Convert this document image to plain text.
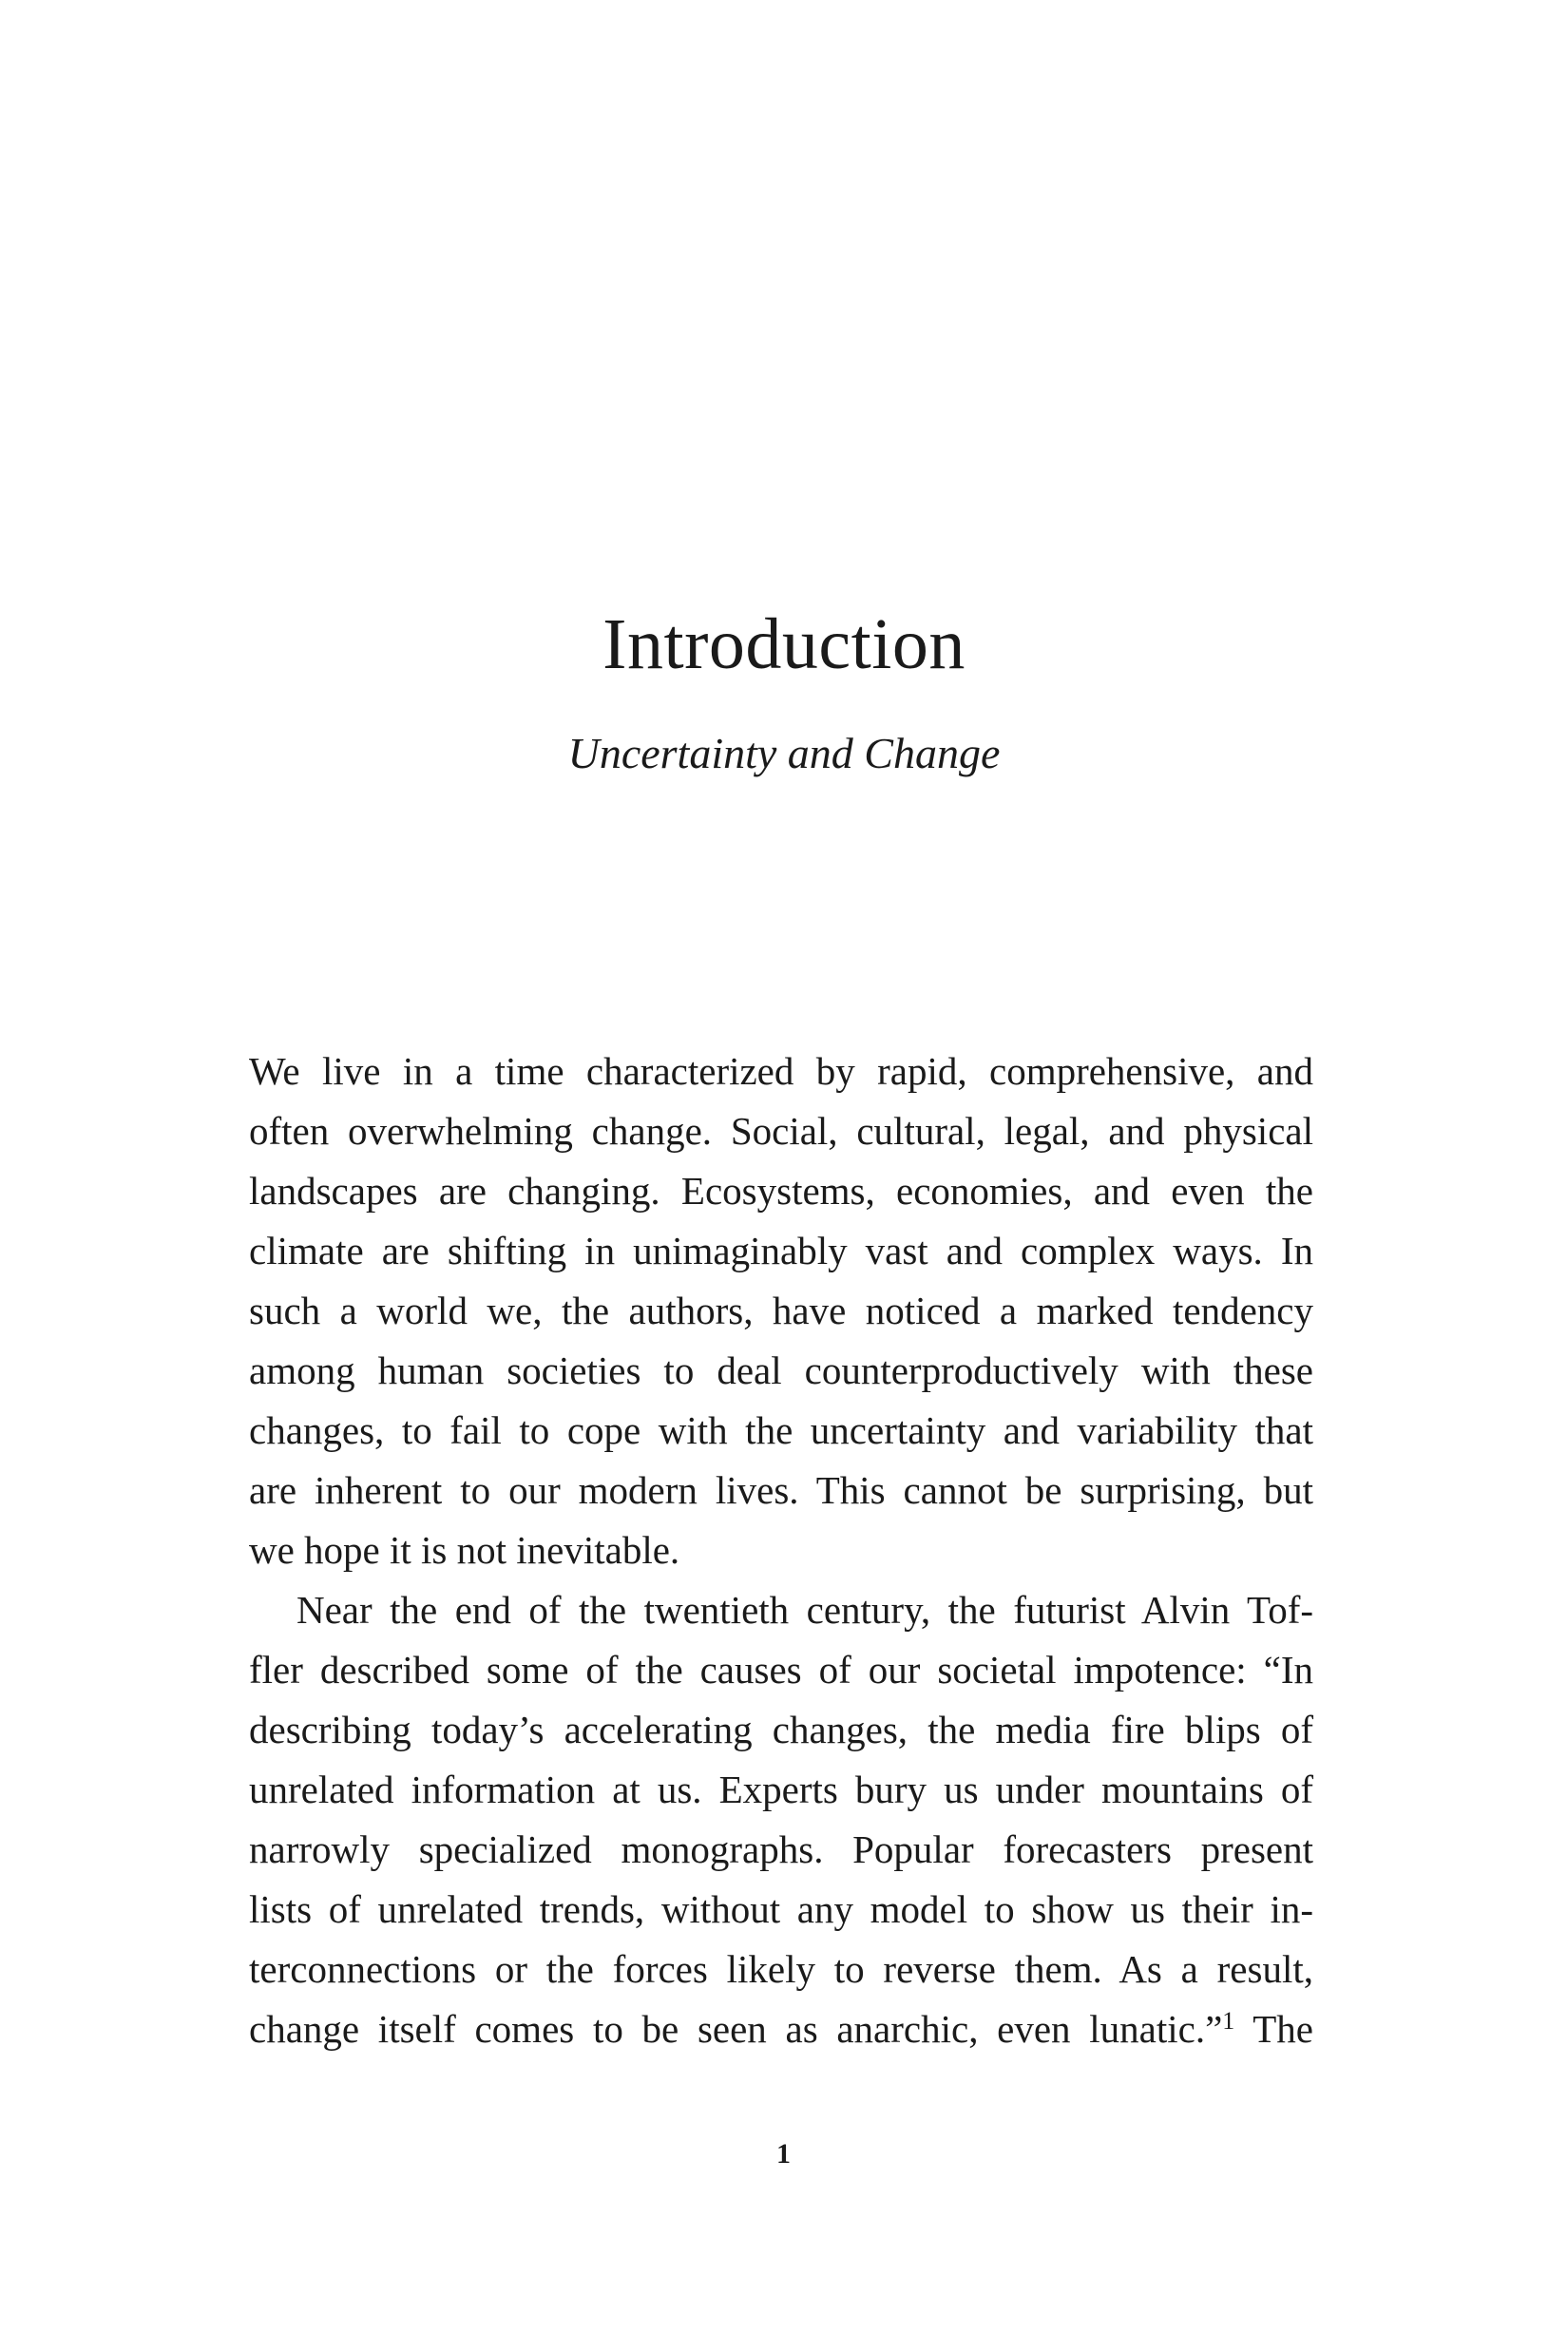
Introduction
Uncertainty and Change
We live in a time characterized by rapid, comprehensive, and
often overwhelming change. Social, cultural, legal, and physical
landscapes are changing. Ecosystems, economies, and even the
climate are shifting in unimaginably vast and complex ways. In
such a world we, the authors, have noticed a marked tendency
among human societies to deal counterproductively with these
changes, to fail to cope with the uncertainty and variability that
are inherent to our modern lives. This cannot be surprising, but
we hope it is not inevitable.
Near the end of the twentieth century, the futurist Alvin Tof-
fler described some of the causes of our societal impotence: “In
describing today’s accelerating changes, the media fire blips of
unrelated information at us. Experts bury us under mountains of
narrowly specialized monographs. Popular forecasters present
lists of unrelated trends, without any model to show us their in-
terconnections or the forces likely to reverse them. As a result,
change itself comes to be seen as anarchic, even lunatic.”$^1$ The
1
